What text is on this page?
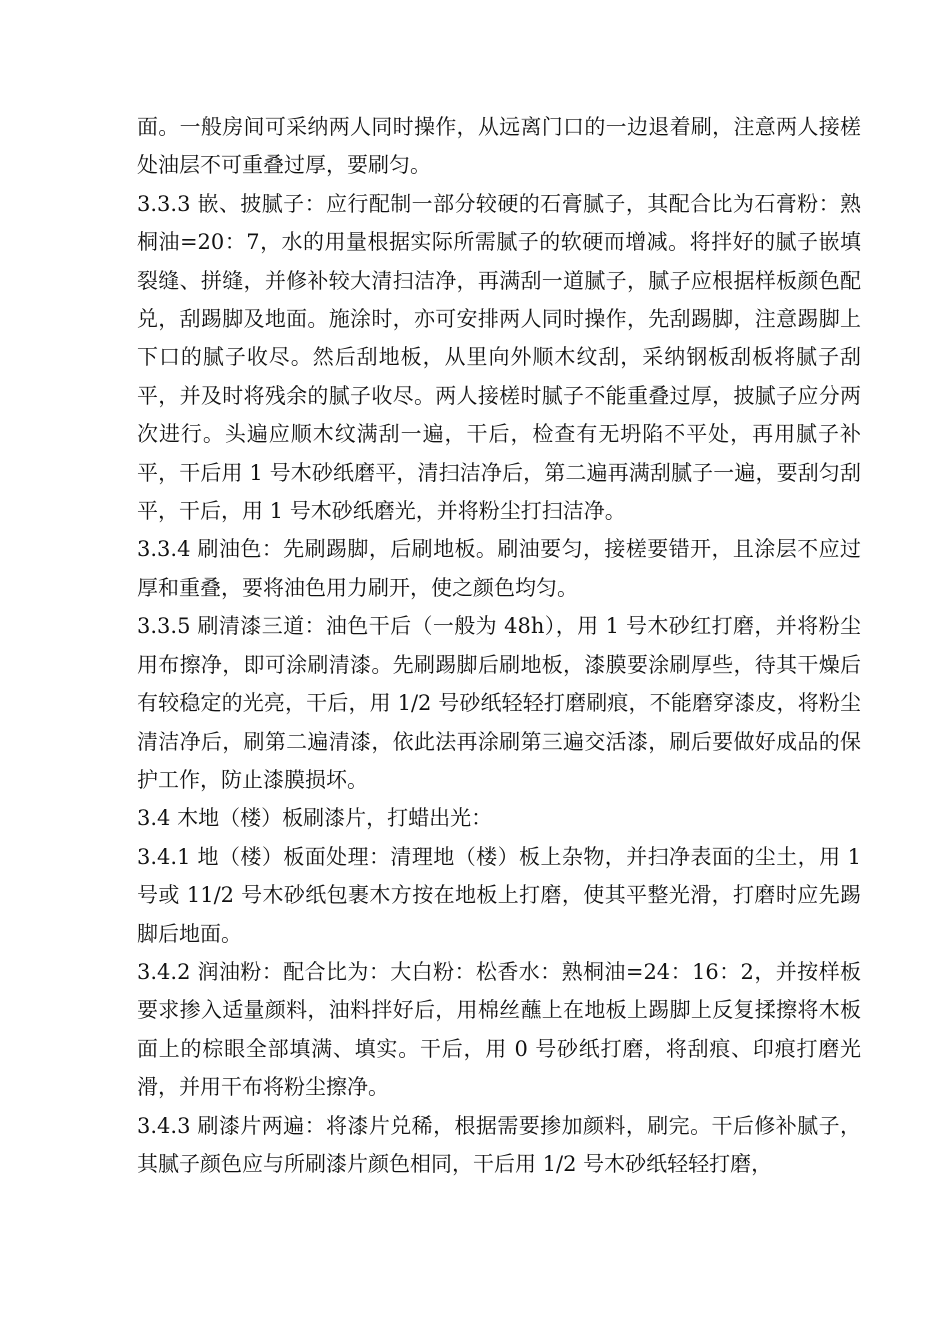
面。一般房间可采纳两人同时操作，从远离门口的一边退着刷，注意两人接槎处油层不可重叠过厚，要刷匀。

3.3.3 嵌、披腻子：应行配制一部分较硬的石膏腻子，其配合比为石膏粉：熟桐油=20：7，水的用量根据实际所需腻子的软硬而增减。将拌好的腻子嵌填裂缝、拼缝，并修补较大清扫洁净，再满刮一道腻子，腻子应根据样板颜色配兑，刮踢脚及地面。施涂时，亦可安排两人同时操作，先刮踢脚，注意踢脚上下口的腻子收尽。然后刮地板，从里向外顺木纹刮，采纳钢板刮板将腻子刮平，并及时将残余的腻子收尽。两人接槎时腻子不能重叠过厚，披腻子应分两次进行。头遍应顺木纹满刮一遍，干后，检查有无坍陷不平处，再用腻子补平，干后用 1 号木砂纸磨平，清扫洁净后，第二遍再满刮腻子一遍，要刮匀刮平，干后，用 1 号木砂纸磨光，并将粉尘打扫洁净。

3.3.4 刷油色：先刷踢脚，后刷地板。刷油要匀，接槎要错开，且涂层不应过厚和重叠，要将油色用力刷开，使之颜色均匀。

3.3.5 刷清漆三道：油色干后（一般为 48h），用 1 号木砂红打磨，并将粉尘用布擦净，即可涂刷清漆。先刷踢脚后刷地板，漆膜要涂刷厚些，待其干燥后有较稳定的光亮，干后，用 1/2 号砂纸轻轻打磨刷痕，不能磨穿漆皮，将粉尘清洁净后，刷第二遍清漆，依此法再涂刷第三遍交活漆，刷后要做好成品的保护工作，防止漆膜损坏。

3.4 木地（楼）板刷漆片，打蜡出光：

3.4.1 地（楼）板面处理：清理地（楼）板上杂物，并扫净表面的尘土，用 1 号或 11/2 号木砂纸包裹木方按在地板上打磨，使其平整光滑，打磨时应先踢脚后地面。

3.4.2 润油粉：配合比为：大白粉：松香水：熟桐油=24：16：2，并按样板要求掺入适量颜料，油料拌好后，用棉丝蘸上在地板上踢脚上反复揉擦将木板面上的棕眼全部填满、填实。干后，用 0 号砂纸打磨，将刮痕、印痕打磨光滑，并用干布将粉尘擦净。

3.4.3 刷漆片两遍：将漆片兑稀，根据需要掺加颜料，刷完。干后修补腻子，其腻子颜色应与所刷漆片颜色相同，干后用 1/2 号木砂纸轻轻打磨，
